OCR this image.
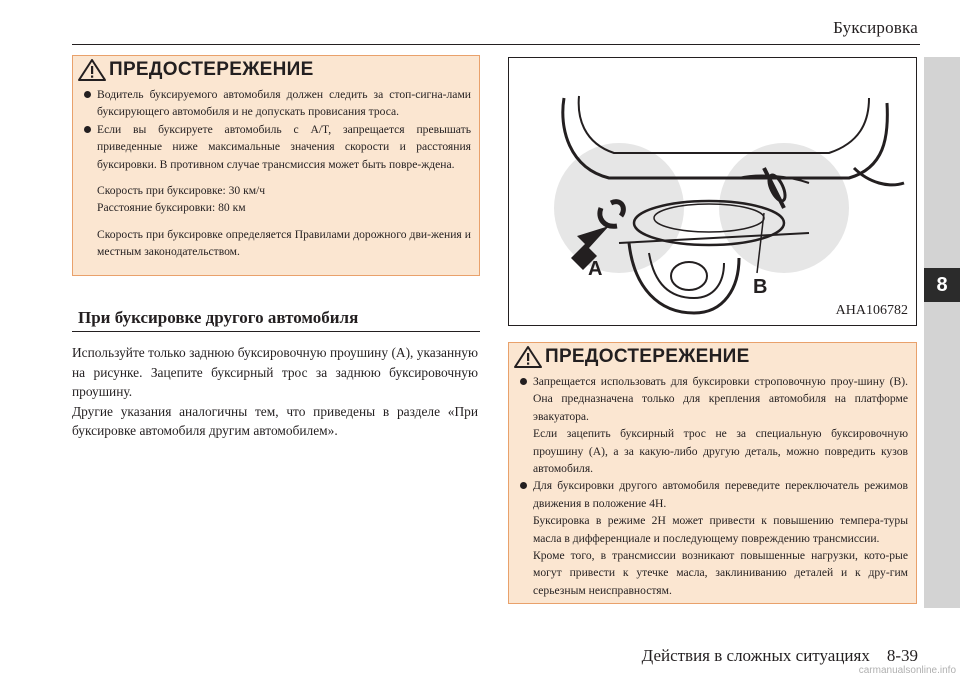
Буксировка
8
ПРЕДОСТЕРЕЖЕНИЕ
Водитель буксируемого автомобиля должен следить за стоп-сигна-лами буксирующего автомобиля и не допускать провисания троса.
Если вы буксируете автомобиль с A/T, запрещается превышать приведенные ниже максимальные значения скорости и расстояния буксировки. В противном случае трансмиссия может быть повре-ждена.
Скорость при буксировке: 30 км/ч
Расстояние буксировки: 80 км
Скорость при буксировке определяется Правилами дорожного дви-жения и местным законодательством.
При буксировке другого автомобиля
Используйте только заднюю буксировочную проушину (A), указанную на рисунке. Зацепите буксирный трос за заднюю буксировочную проушину.
Другие указания аналогичны тем, что приведены в разделе «При буксировке автомобиля другим автомобилем».
A
B
AHA106782
ПРЕДОСТЕРЕЖЕНИЕ
Запрещается использовать для буксировки строповочную проу-шину (B). Она предназначена только для крепления автомобиля на платформе эвакуатора.
Если зацепить буксирный трос не за специальную буксировочную проушину (A), а за какую-либо другую деталь, можно повредить кузов автомобиля.
Для буксировки другого автомобиля переведите переключатель режимов движения в положение 4H.
Буксировка в режиме 2H может привести к повышению темпера-туры масла в дифференциале и последующему повреждению трансмиссии.
Кроме того, в трансмиссии возникают повышенные нагрузки, кото-рые могут привести к утечке масла, заклиниванию деталей и к дру-гим серьезным неисправностям.
Действия в сложных ситуациях    8-39
carmanualsonline.info
